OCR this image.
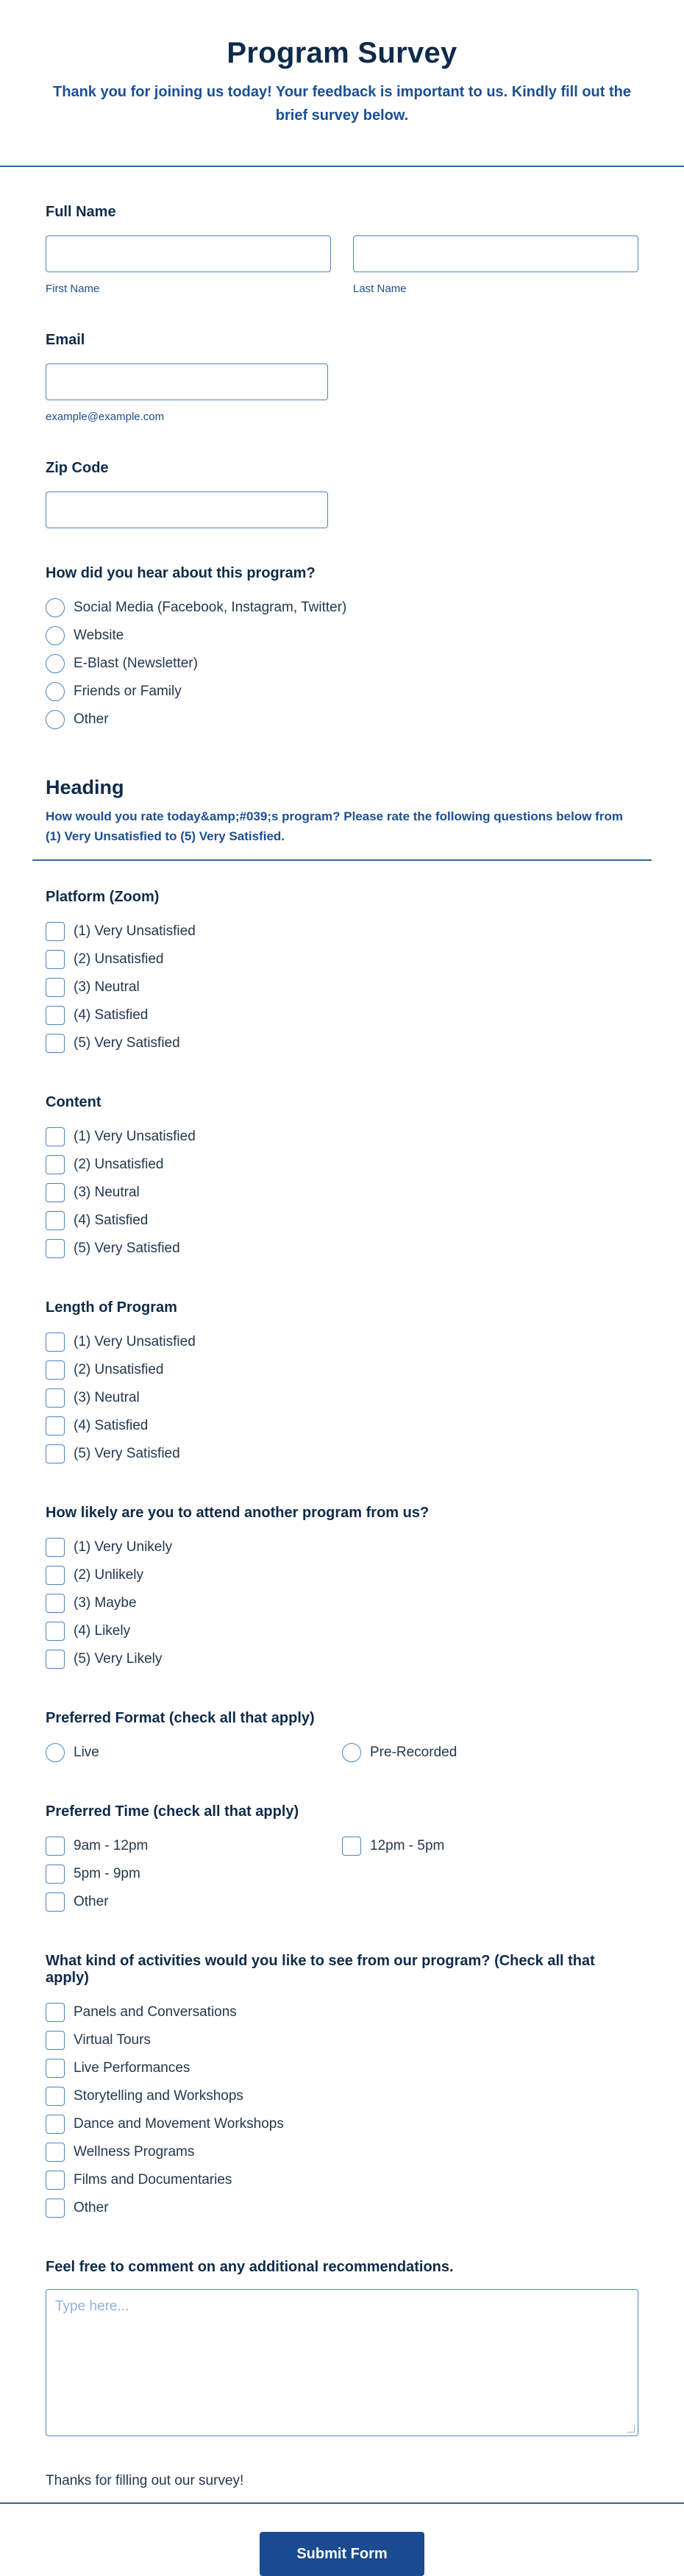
Program Survey

Thank you for joining us today! Your feedback is important to us. Kindly fill out the brief survey below.

Full Name
First Name	Last Name
Email
example@example.com
Zip Code
How did you hear about this program?
Social Media (Facebook, Instagram, Twitter)
Website
E-Blast (Newsletter)
Friends or Family
Other
Heading

How would you rate today&amp;#039;s program? Please rate the following questions below from (1) Very Unsatisfied to (5) Very Satisfied.

Platform (Zoom)
(1) Very Unsatisfied
(2) Unsatisfied
(3) Neutral
(4) Satisfied
(5) Very Satisfied
Content
(1) Very Unsatisfied
(2) Unsatisfied
(3) Neutral
(4) Satisfied
(5) Very Satisfied
Length of Program
(1) Very Unsatisfied
(2) Unsatisfied
(3) Neutral
(4) Satisfied
(5) Very Satisfied
How likely are you to attend another program from us?
(1) Very Unikely
(2) Unlikely
(3) Maybe
(4) Likely
(5) Very Likely
Preferred Format (check all that apply)
Live	Pre-Recorded
Preferred Time (check all that apply)
9am - 12pm	12pm - 5pm
5pm - 9pm
Other
What kind of activities would you like to see from our program? (Check all that apply)
Panels and Conversations
Virtual Tours
Live Performances
Storytelling and Workshops
Dance and Movement Workshops
Wellness Programs
Films and Documentaries
Other
Feel free to comment on any additional recommendations.
Type here...
Thanks for filling out our survey!
Submit Form
